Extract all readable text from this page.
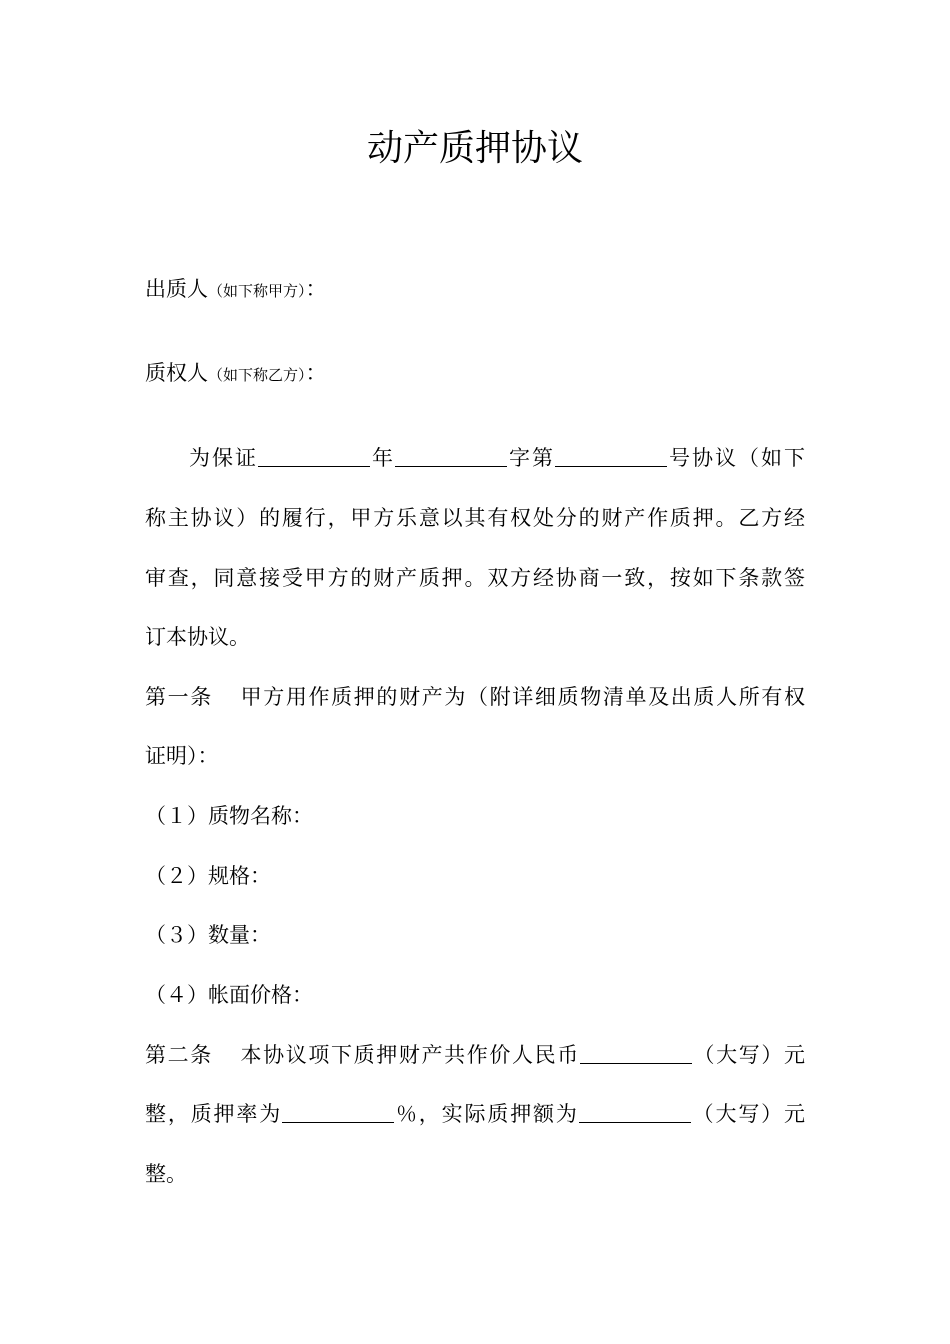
动产质押协议
出质人（如下称甲方）：
质权人（如下称乙方）：
为保证	年	字第	号协议（如下
称主协议）的履行，甲方乐意以其有权处分的财产作质押。乙方经
审查，同意接受甲方的财产质押。双方经协商一致，按如下条款签
订本协议。
第一条 甲方用作质押的财产为（附详细质物清单及出质人所有权
证明）：
（１）质物名称：
（２）规格：
（３）数量：
（４）帐面价格：
第二条 本协议项下质押财产共作价人民币	（大写）元
整，质押率为	％，实际质押额为	（大写）元
整。
